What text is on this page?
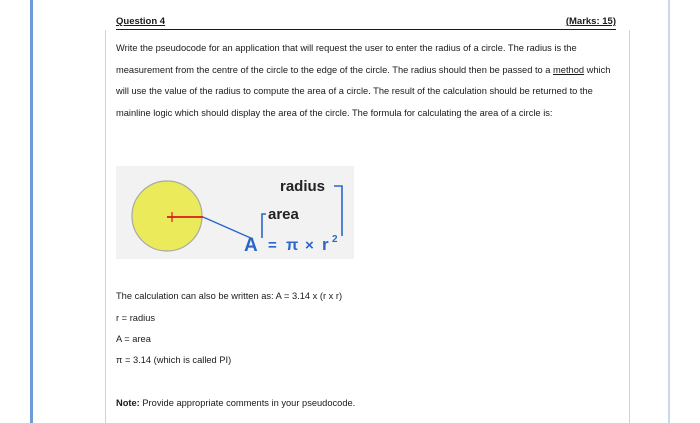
Question 4	(Marks: 15)
Write the pseudocode for an application that will request the user to enter the radius of a circle. The radius is the measurement from the centre of the circle to the edge of the circle. The radius should then be passed to a method which will use the value of the radius to compute the area of a circle. The result of the calculation should be returned to the mainline logic which should display the area of the circle. The formula for calculating the area of a circle is:
radius
area
A = π × r 2
The calculation can also be written as: A = 3.14 x (r x r)
r = radius
A = area
π = 3.14 (which is called PI)
Note: Provide appropriate comments in your pseudocode.
